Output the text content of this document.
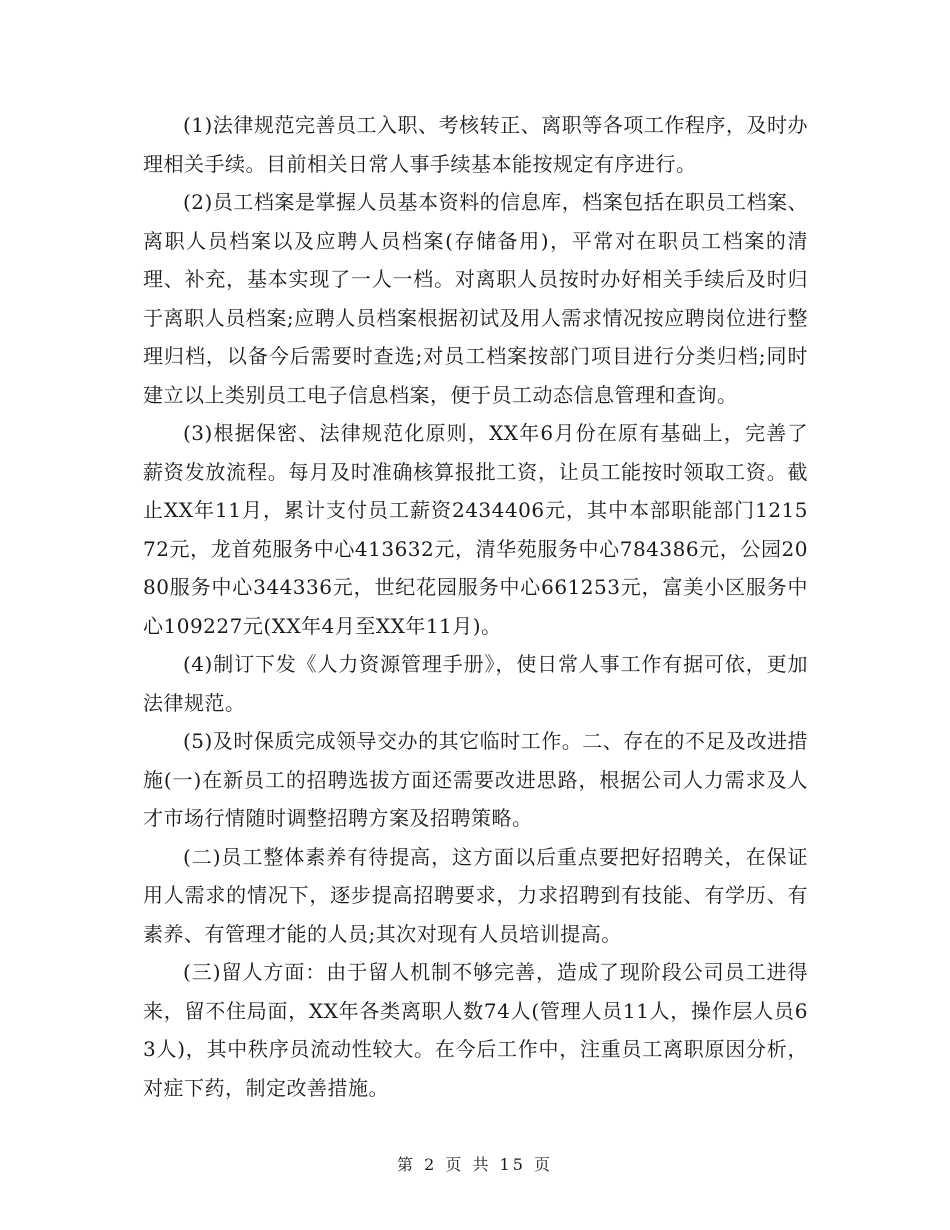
(1)法律规范完善员工入职、考核转正、离职等各项工作程序，及时办理相关手续。目前相关日常人事手续基本能按规定有序进行。

(2)员工档案是掌握人员基本资料的信息库，档案包括在职员工档案、离职人员档案以及应聘人员档案(存储备用)，平常对在职员工档案的清理、补充，基本实现了一人一档。对离职人员按时办好相关手续后及时归于离职人员档案;应聘人员档案根据初试及用人需求情况按应聘岗位进行整理归档，以备今后需要时查选;对员工档案按部门项目进行分类归档;同时建立以上类别员工电子信息档案，便于员工动态信息管理和查询。

(3)根据保密、法律规范化原则，XX年6月份在原有基础上，完善了薪资发放流程。每月及时准确核算报批工资，让员工能按时领取工资。截止XX年11月，累计支付员工薪资2434406元，其中本部职能部门121572元，龙首苑服务中心413632元，清华苑服务中心784386元，公园2080服务中心344336元，世纪花园服务中心661253元，富美小区服务中心109227元(XX年4月至XX年11月)。

(4)制订下发《人力资源管理手册》，使日常人事工作有据可依，更加法律规范。

(5)及时保质完成领导交办的其它临时工作。二、存在的不足及改进措施(一)在新员工的招聘选拔方面还需要改进思路，根据公司人力需求及人才市场行情随时调整招聘方案及招聘策略。

(二)员工整体素养有待提高，这方面以后重点要把好招聘关，在保证用人需求的情况下，逐步提高招聘要求，力求招聘到有技能、有学历、有素养、有管理才能的人员;其次对现有人员培训提高。

(三)留人方面：由于留人机制不够完善，造成了现阶段公司员工进得来，留不住局面，XX年各类离职人数74人(管理人员11人，操作层人员63人)，其中秩序员流动性较大。在今后工作中，注重员工离职原因分析，对症下药，制定改善措施。

第 2 页 共 15 页
